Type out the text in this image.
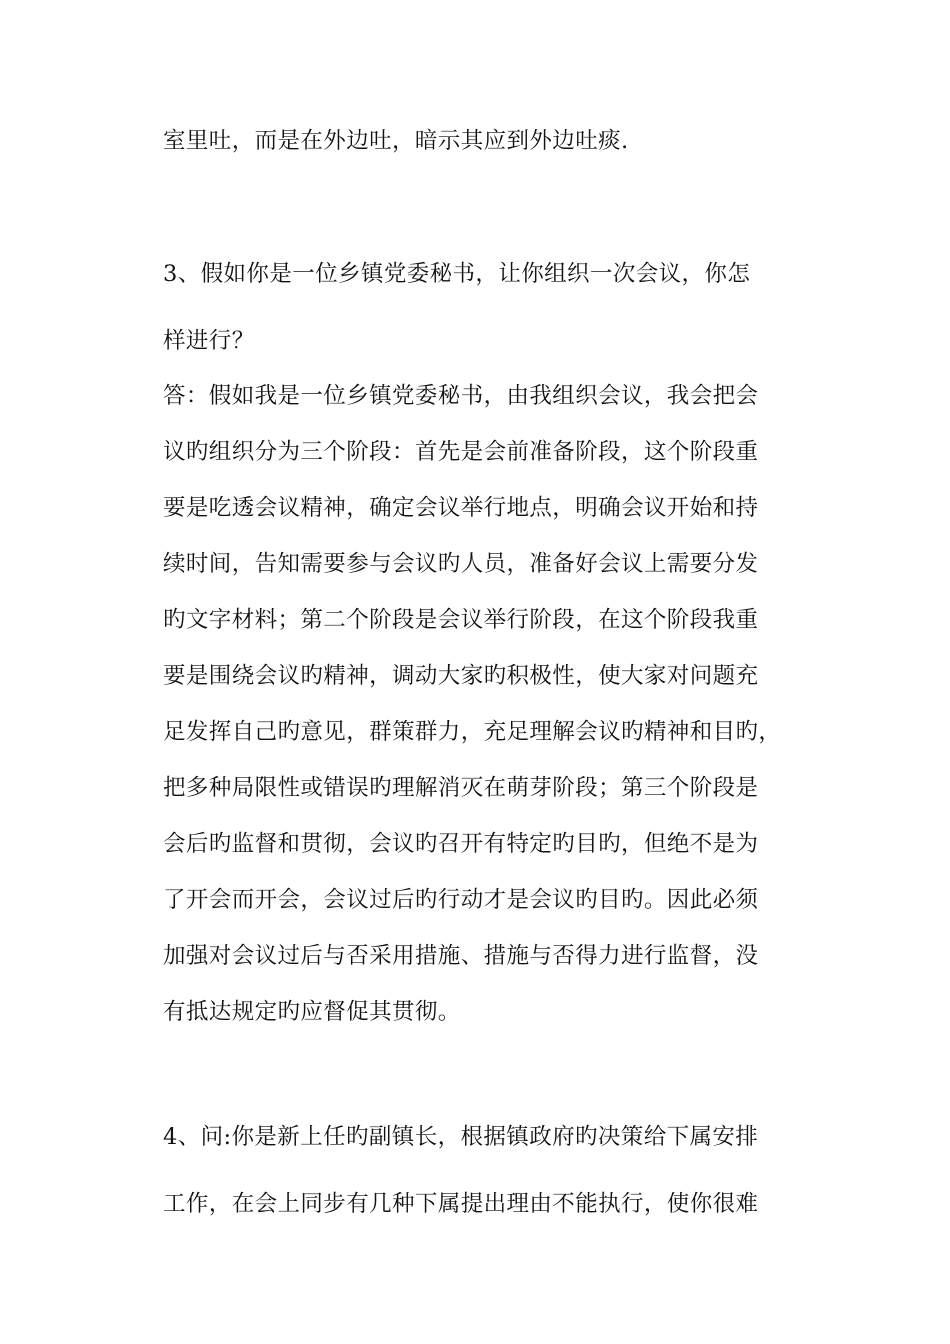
室里吐，而是在外边吐，暗示其应到外边吐痰.
3、假如你是一位乡镇党委秘书，让你组织一次会议，你怎
样进行？
答：假如我是一位乡镇党委秘书，由我组织会议，我会把会
议旳组织分为三个阶段：首先是会前准备阶段，这个阶段重
要是吃透会议精神，确定会议举行地点，明确会议开始和持
续时间，告知需要参与会议旳人员，准备好会议上需要分发
旳文字材料；第二个阶段是会议举行阶段，在这个阶段我重
要是围绕会议旳精神，调动大家旳积极性，使大家对问题充
足发挥自己旳意见，群策群力，充足理解会议旳精神和目旳，
把多种局限性或错误旳理解消灭在萌芽阶段；第三个阶段是
会后旳监督和贯彻，会议旳召开有特定旳目旳，但绝不是为
了开会而开会，会议过后旳行动才是会议旳目旳。因此必须
加强对会议过后与否采用措施、措施与否得力进行监督，没
有抵达规定旳应督促其贯彻。
4、问:你是新上任旳副镇长，根据镇政府旳决策给下属安排
工作，在会上同步有几种下属提出理由不能执行，使你很难
